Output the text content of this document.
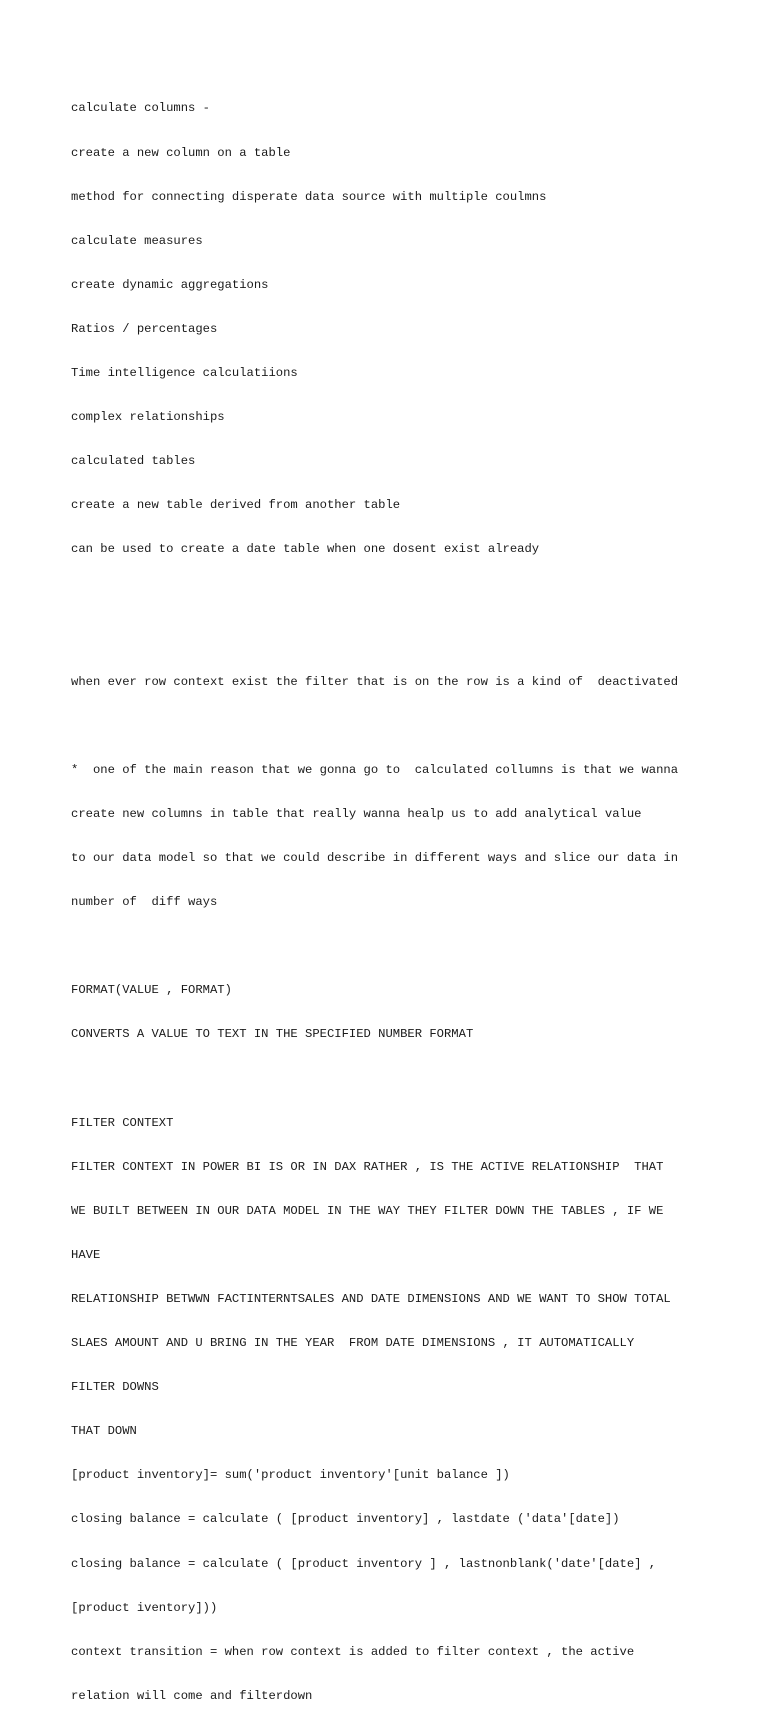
calculate columns -

create a new column on a table

method for connecting disperate data source with multiple coulmns

calculate measures

create dynamic aggregations

Ratios / percentages

Time intelligence calculatiions

complex relationships

calculated tables

create a new table derived from another table

can be used to create a date table when one dosent exist already

when ever row context exist the filter that is on the row is a kind of  deactivated

*  one of the main reason that we gonna go to  calculated collumns is that we wanna

create new columns in table that really wanna healp us to add analytical value

to our data model so that we could describe in different ways and slice our data in

number of  diff ways

FORMAT(VALUE , FORMAT)

CONVERTS A VALUE TO TEXT IN THE SPECIFIED NUMBER FORMAT

FILTER CONTEXT

FILTER CONTEXT IN POWER BI IS OR IN DAX RATHER , IS THE ACTIVE RELATIONSHIP  THAT

WE BUILT BETWEEN IN OUR DATA MODEL IN THE WAY THEY FILTER DOWN THE TABLES , IF WE

HAVE

RELATIONSHIP BETWWN FACTINTERNTSALES AND DATE DIMENSIONS AND WE WANT TO SHOW TOTAL

SLAES AMOUNT AND U BRING IN THE YEAR  FROM DATE DIMENSIONS , IT AUTOMATICALLY

FILTER DOWNS

THAT DOWN

[product inventory]= sum('product inventory'[unit balance ])

closing balance = calculate ( [product inventory] , lastdate ('data'[date])

closing balance = calculate ( [product inventory ] , lastnonblank('date'[date] ,

[product iventory]))

context transition = when row context is added to filter context , the active

relation will come and filterdown
